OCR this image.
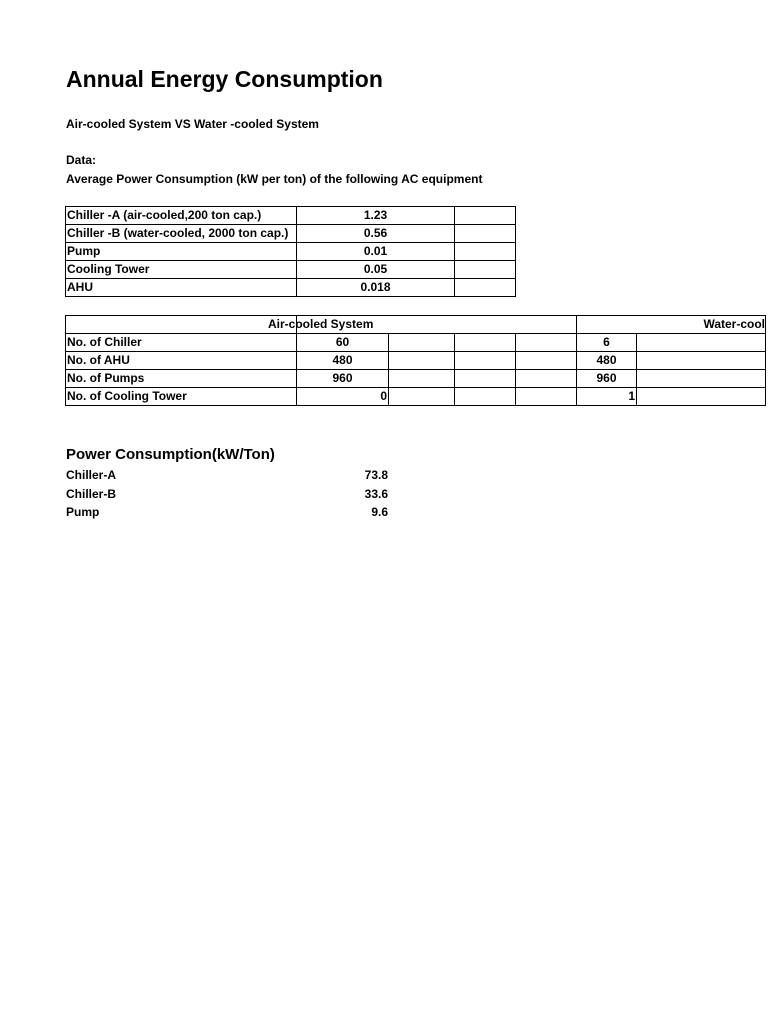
Annual Energy Consumption
Air-cooled System VS Water -cooled System
Data:
Average Power Consumption (kW per ton) of the following AC equipment
Chiller -A (air-cooled,200 ton cap.)	1.23	
Chiller -B (water-cooled, 2000 ton cap.)	0.56	
Pump	0.01	
Cooling Tower	0.05	
AHU	0.018	
	Air-cooled System				Water-cool	
No. of Chiller	60				6	
No. of AHU	480				480	
No. of Pumps	960				960	
No. of Cooling Tower	0				1	
Power Consumption(kW/Ton)
Chiller-A	73.8
Chiller-B	33.6
Pump	9.6
